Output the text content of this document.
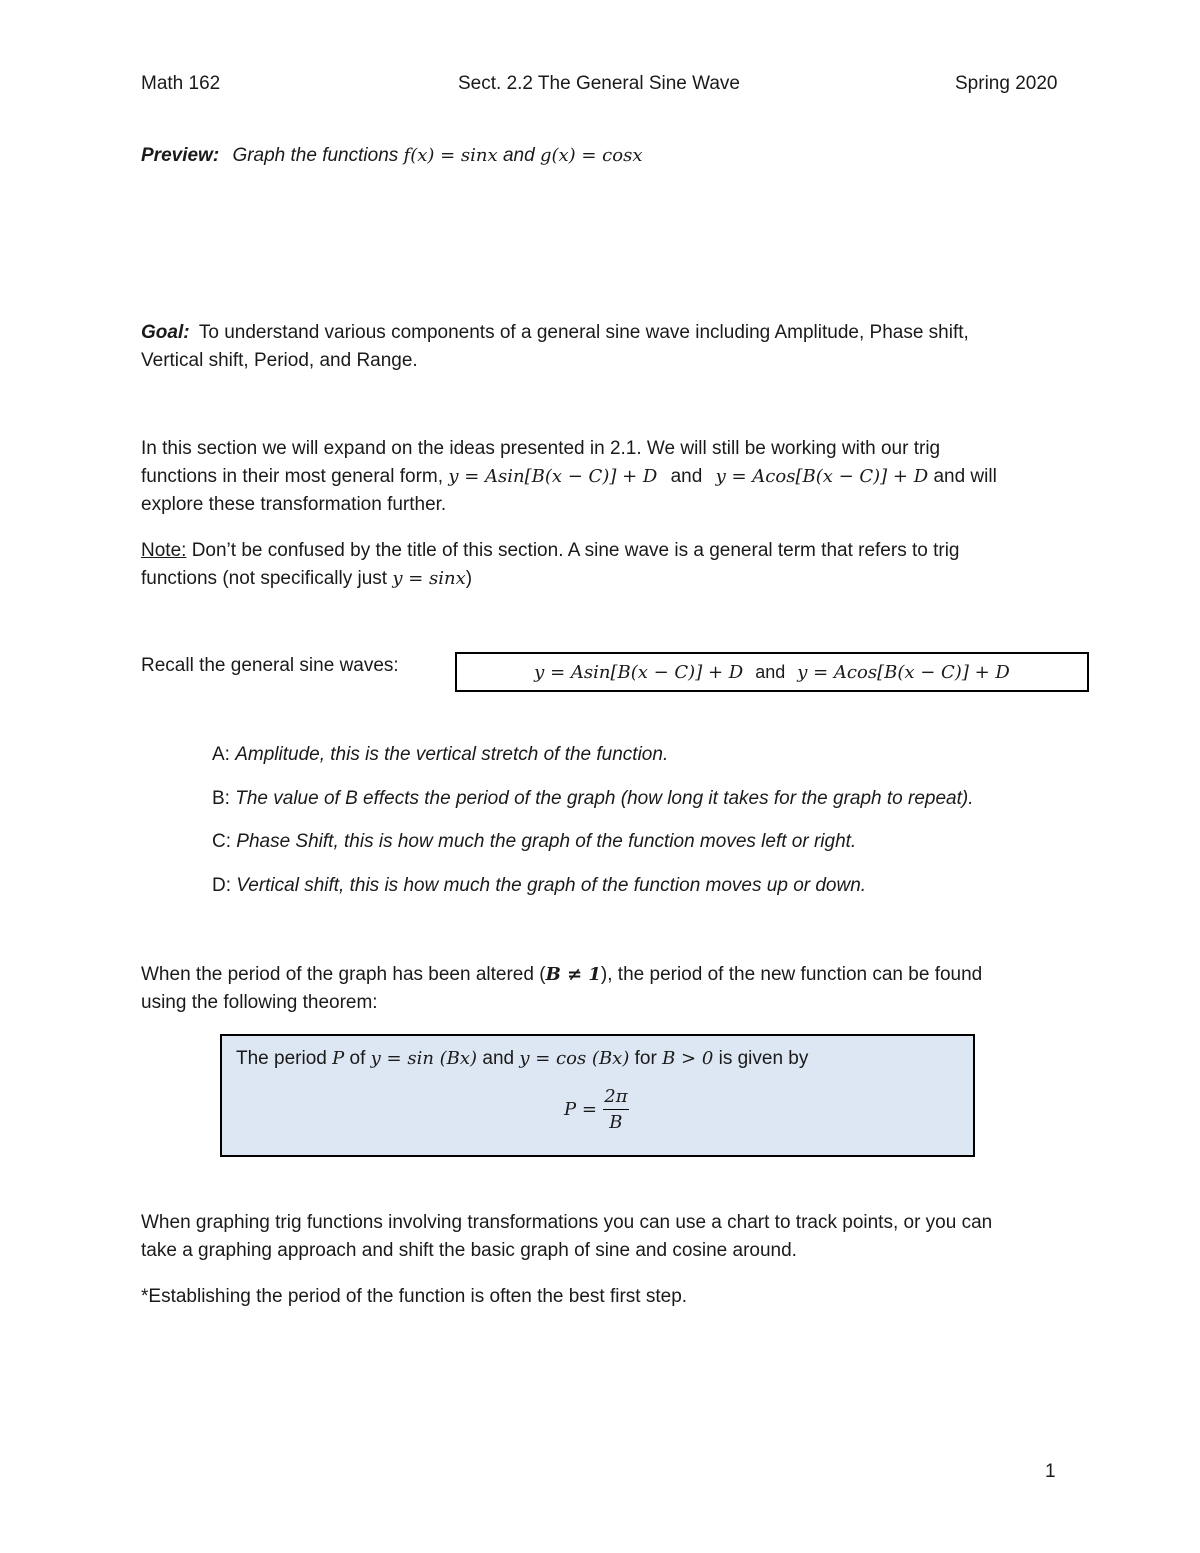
Math 162	Sect. 2.2 The General Sine Wave	Spring 2020
Preview: Graph the functions f(x) = sinx and g(x) = cosx
Goal: To understand various components of a general sine wave including Amplitude, Phase shift,
Vertical shift, Period, and Range.
In this section we will expand on the ideas presented in 2.1. We will still be working with our trig
functions in their most general form, y = Asin[B(x − C)] + D and y = Acos[B(x − C)] + D and will
explore these transformation further.
Note: Don’t be confused by the title of this section. A sine wave is a general term that refers to trig
functions (not specifically just y = sinx)
Recall the general sine waves:	y = Asin[B(x − C)] + D and y = Acos[B(x − C)] + D
A: Amplitude, this is the vertical stretch of the function.
B: The value of B effects the period of the graph (how long it takes for the graph to repeat).
C: Phase Shift, this is how much the graph of the function moves left or right.
D: Vertical shift, this is how much the graph of the function moves up or down.
When the period of the graph has been altered (B ≠ 1), the period of the new function can be found
using the following theorem:
The period P of y = sin (Bx) and y = cos (Bx) for B > 0 is given by
$P = \frac{2\pi}{B}$
When graphing trig functions involving transformations you can use a chart to track points, or you can
take a graphing approach and shift the basic graph of sine and cosine around.
*Establishing the period of the function is often the best first step.
1
